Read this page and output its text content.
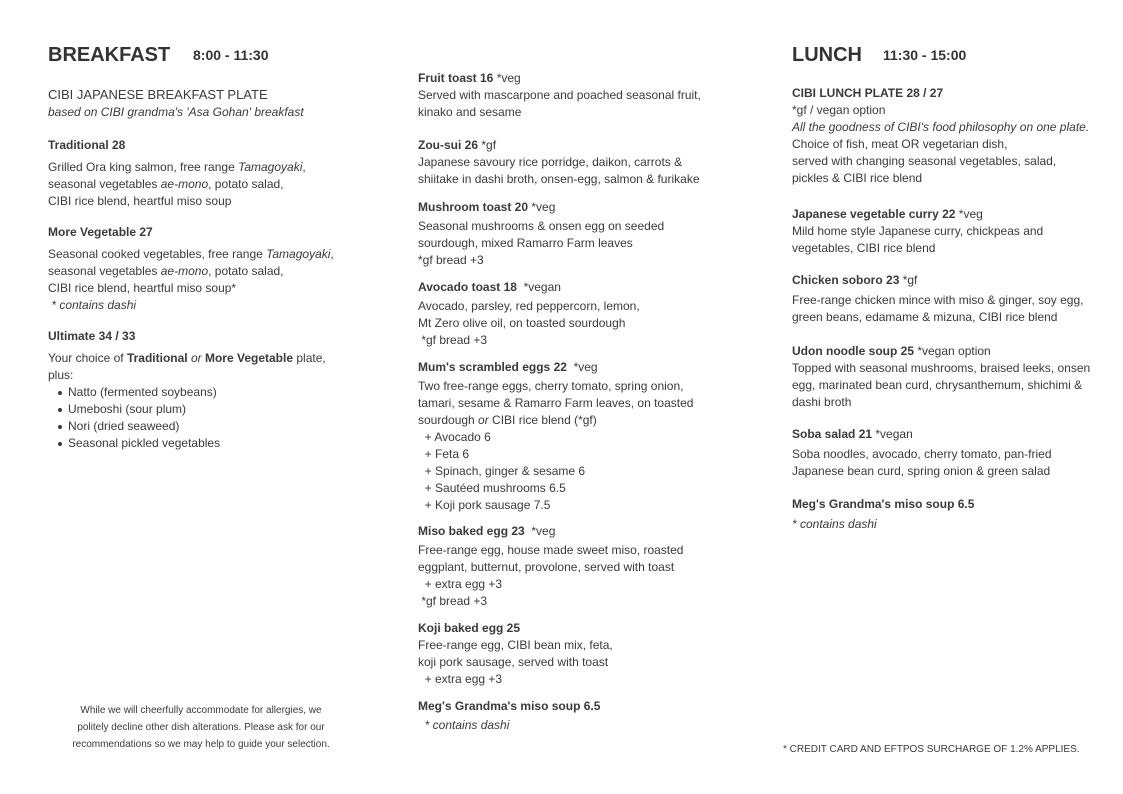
BREAKFAST 8:00 - 11:30
CIBI JAPANESE BREAKFAST PLATE
based on CIBI grandma's 'Asa Gohan' breakfast
Traditional 28
Grilled Ora king salmon, free range Tamagoyaki,
seasonal vegetables ae-mono, potato salad,
CIBI rice blend, heartful miso soup
More Vegetable 27
Seasonal cooked vegetables, free range Tamagoyaki,
seasonal vegetables ae-mono, potato salad,
CIBI rice blend, heartful miso soup*
* contains dashi
Ultimate 34 / 33
Your choice of Traditional or More Vegetable plate,
plus:
Natto (fermented soybeans)
Umeboshi (sour plum)
Nori (dried seaweed)
Seasonal pickled vegetables
While we will cheerfully accommodate for allergies, we
politely decline other dish alterations. Please ask for our
recommendations so we may help to guide your selection.
Fruit toast 16 *veg
Served with mascarpone and poached seasonal fruit,
kinako and sesame
Zou-sui 26 *gf
Japanese savoury rice porridge, daikon, carrots &
shiitake in dashi broth, onsen-egg, salmon & furikake
Mushroom toast 20 *veg
Seasonal mushrooms & onsen egg on seeded
sourdough, mixed Ramarro Farm leaves
*gf bread +3
Avocado toast 18  *vegan
Avocado, parsley, red peppercorn, lemon,
Mt Zero olive oil, on toasted sourdough
*gf bread +3
Mum's scrambled eggs 22  *veg
Two free-range eggs, cherry tomato, spring onion,
tamari, sesame & Ramarro Farm leaves, on toasted
sourdough or CIBI rice blend (*gf)
+ Avocado 6
+ Feta 6
+ Spinach, ginger & sesame 6
+ Sautéed mushrooms 6.5
+ Koji pork sausage 7.5
Miso baked egg 23  *veg
Free-range egg, house made sweet miso, roasted
eggplant, butternut, provolone, served with toast
+ extra egg +3
*gf bread +3
Koji baked egg 25
Free-range egg, CIBI bean mix, feta,
koji pork sausage, served with toast
+ extra egg +3
Meg's Grandma's miso soup 6.5
* contains dashi
LUNCH 11:30 - 15:00
CIBI LUNCH PLATE 28 / 27
*gf / vegan option
All the goodness of CIBI's food philosophy on one plate.
Choice of fish, meat OR vegetarian dish,
served with changing seasonal vegetables, salad,
pickles & CIBI rice blend
Japanese vegetable curry 22 *veg
Mild home style Japanese curry, chickpeas and
vegetables, CIBI rice blend
Chicken soboro 23 *gf
Free-range chicken mince with miso & ginger, soy egg,
green beans, edamame & mizuna, CIBI rice blend
Udon noodle soup 25 *vegan option
Topped with seasonal mushrooms, braised leeks, onsen
egg, marinated bean curd, chrysanthemum, shichimi &
dashi broth
Soba salad 21 *vegan
Soba noodles, avocado, cherry tomato, pan-fried
Japanese bean curd, spring onion & green salad
Meg's Grandma's miso soup 6.5
* contains dashi
* CREDIT CARD AND EFTPOS SURCHARGE OF 1.2% APPLIES.
